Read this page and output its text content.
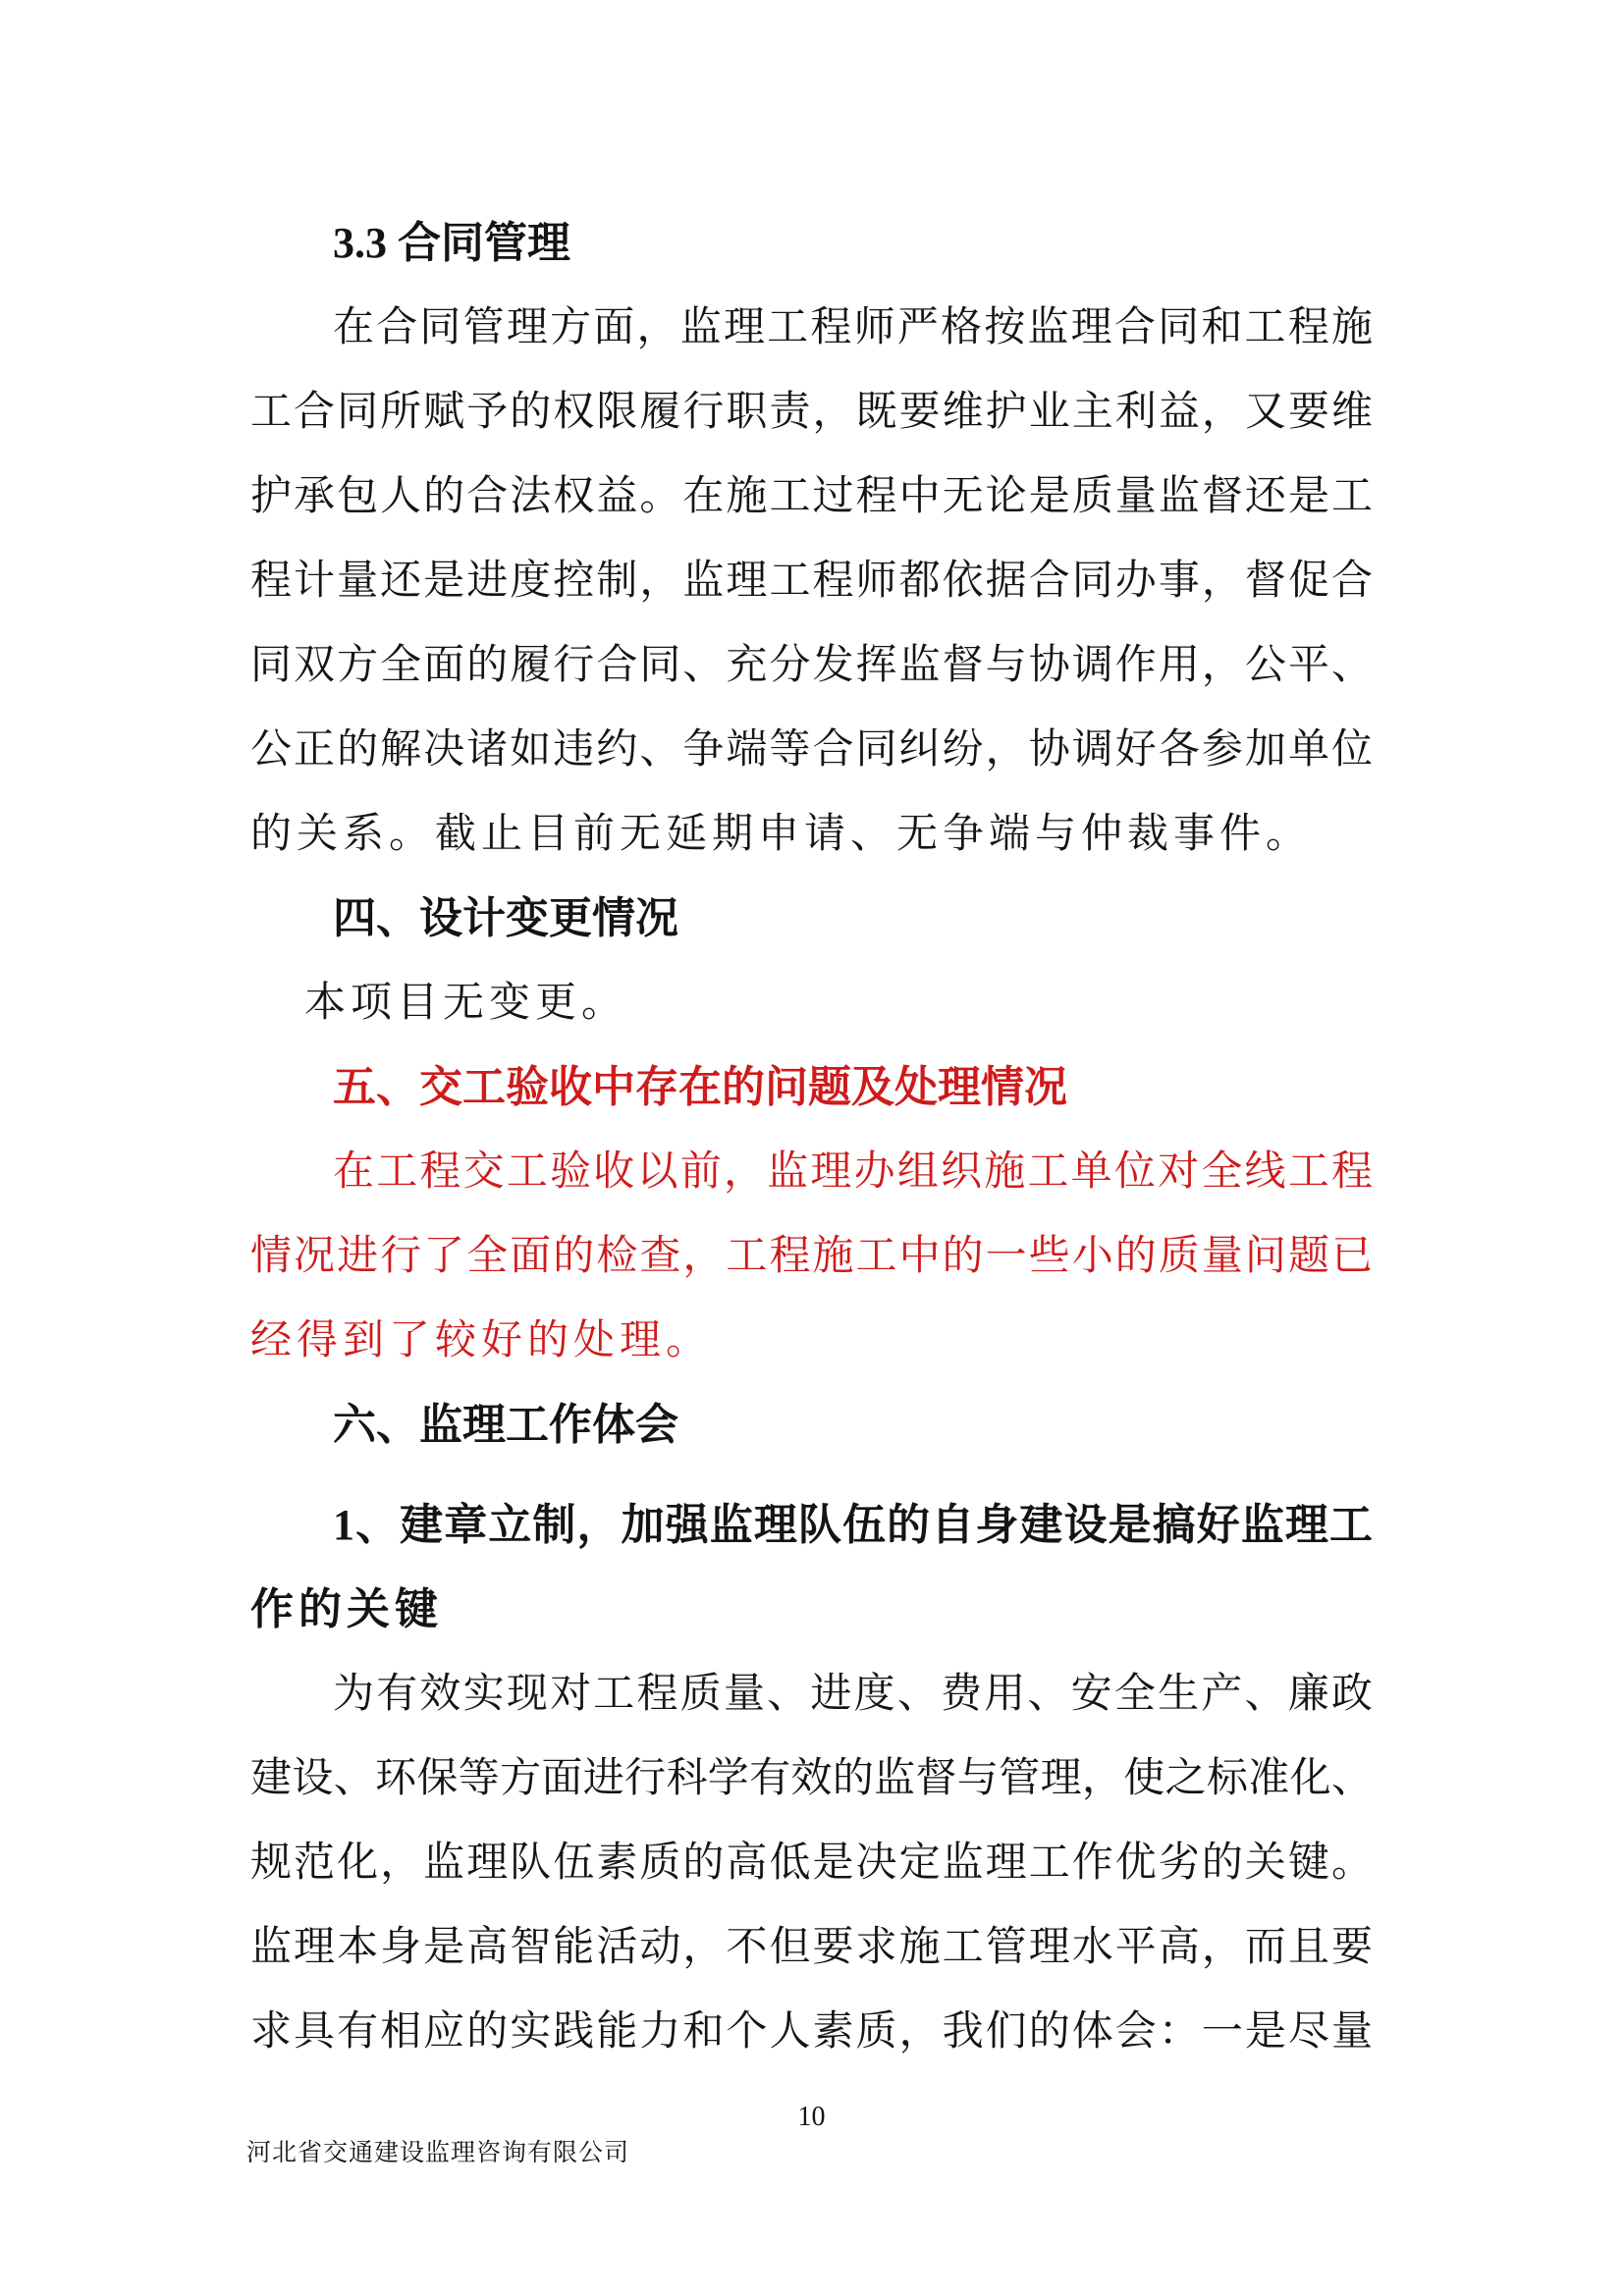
3.3 合同管理
在合同管理方面，监理工程师严格按监理合同和工程施
工合同所赋予的权限履行职责，既要维护业主利益，又要维
护承包人的合法权益。在施工过程中无论是质量监督还是工
程计量还是进度控制，监理工程师都依据合同办事，督促合
同双方全面的履行合同、充分发挥监督与协调作用，公平、
公正的解决诸如违约、争端等合同纠纷，协调好各参加单位
的关系。截止目前无延期申请、无争端与仲裁事件。
四、设计变更情况
本项目无变更。
五、交工验收中存在的问题及处理情况
在工程交工验收以前，监理办组织施工单位对全线工程
情况进行了全面的检查，工程施工中的一些小的质量问题已
经得到了较好的处理。
六、监理工作体会
1、建章立制，加强监理队伍的自身建设是搞好监理工
作的关键
为有效实现对工程质量、进度、费用、安全生产、廉政
建设、环保等方面进行科学有效的监督与管理，使之标准化、
规范化，监理队伍素质的高低是决定监理工作优劣的关键。
监理本身是高智能活动，不但要求施工管理水平高，而且要
求具有相应的实践能力和个人素质，我们的体会：一是尽量
10
河北省交通建设监理咨询有限公司
